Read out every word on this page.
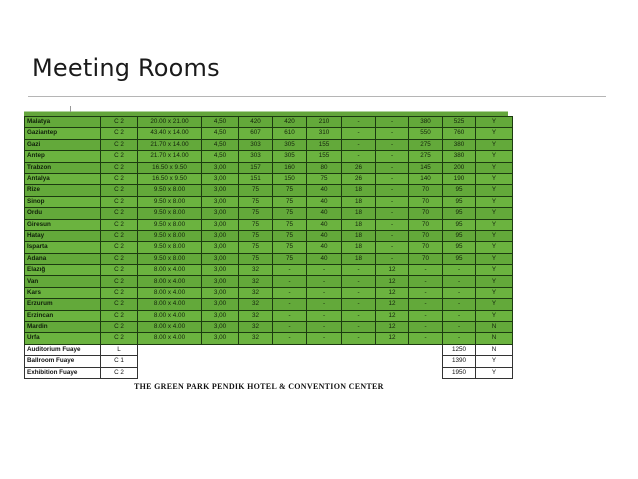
Meeting Rooms
Malatya	C 2	20.00 x 21.00	4,50	420	420	210	-	-	380	525	Y
Gaziantep	C 2	43.40 x 14.00	4,50	607	610	310	-	-	550	760	Y
Gazi	C 2	21.70 x 14.00	4,50	303	305	155	-	-	275	380	Y
Antep	C 2	21.70 x 14.00	4,50	303	305	155	-	-	275	380	Y
Trabzon	C 2	16.50 x 9.50	3,00	157	160	80	26	-	145	200	Y
Antalya	C 2	16.50 x 9.50	3,00	151	150	75	26	-	140	190	Y
Rize	C 2	9.50 x 8.00	3,00	75	75	40	18	-	70	95	Y
Sinop	C 2	9.50 x 8.00	3,00	75	75	40	18	-	70	95	Y
Ordu	C 2	9.50 x 8.00	3,00	75	75	40	18	-	70	95	Y
Giresun	C 2	9.50 x 8.00	3,00	75	75	40	18	-	70	95	Y
Hatay	C 2	9.50 x 8.00	3,00	75	75	40	18	-	70	95	Y
Isparta	C 2	9.50 x 8.00	3,00	75	75	40	18	-	70	95	Y
Adana	C 2	9.50 x 8.00	3,00	75	75	40	18	-	70	95	Y
Elazığ	C 2	8.00 x 4.00	3,00	32	-	-	-	12	-	-	Y
Van	C 2	8.00 x 4.00	3,00	32	-	-	-	12	-	-	Y
Kars	C 2	8.00 x 4.00	3,00	32	-	-	-	12	-	-	Y
Erzurum	C 2	8.00 x 4.00	3,00	32	-	-	-	12	-	-	Y
Erzincan	C 2	8.00 x 4.00	3,00	32	-	-	-	12	-	-	Y
Mardin	C 2	8.00 x 4.00	3,00	32	-	-	-	12	-	-	N
Urfa	C 2	8.00 x 4.00	3,00	32	-	-	-	12	-	-	N
Auditorium Fuaye	L									1250	N
Ballroom Fuaye	C 1									1390	Y
Exhibition Fuaye	C 2									1950	Y
THE GREEN PARK PENDIK HOTEL & CONVENTION CENTER
